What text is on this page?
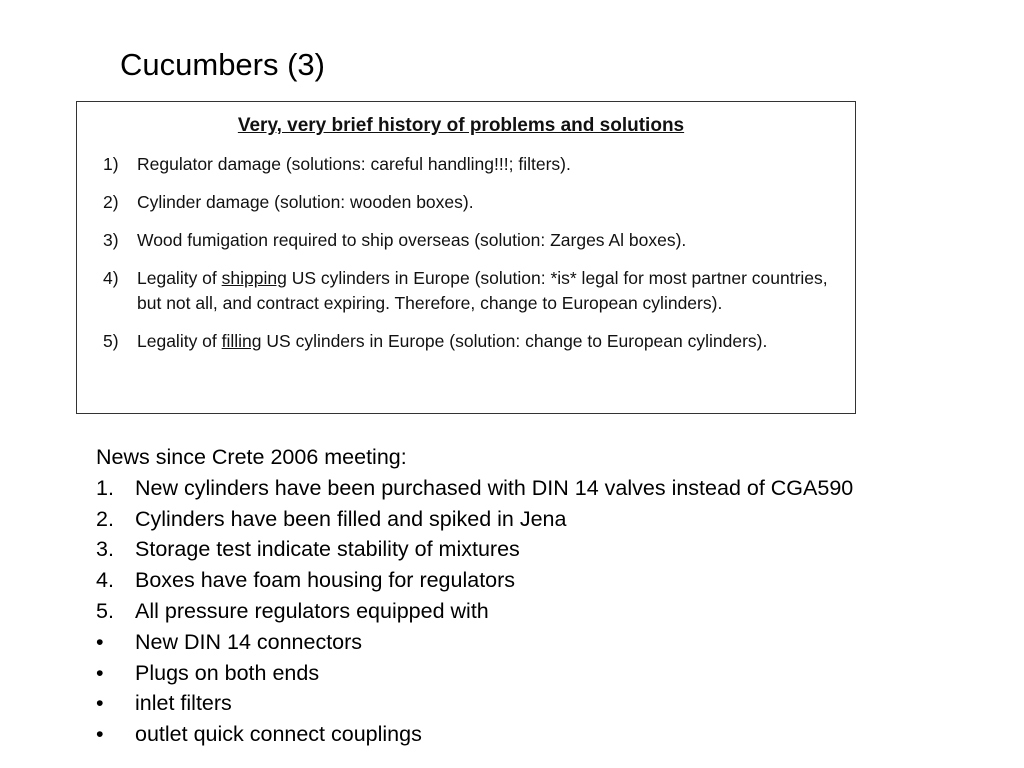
Cucumbers (3)
Very, very brief history of problems and solutions
1)	Regulator damage (solutions: careful handling!!!; filters).
2)	Cylinder damage (solution: wooden boxes).
3)	Wood fumigation required to ship overseas (solution: Zarges Al boxes).
4)	Legality of shipping US cylinders in Europe (solution: *is* legal for most partner countries, but not all, and contract expiring. Therefore, change to European cylinders).
5)	Legality of filling US cylinders in Europe (solution: change to European cylinders).

News since Crete 2006 meeting:

1. New cylinders have been purchased with DIN 14 valves instead of CGA590
2. Cylinders have been filled and spiked in Jena
3. Storage test indicate stability of mixtures
4. Boxes have foam housing for regulators
5. All pressure regulators equipped with
•	New DIN 14 connectors
•	Plugs on both ends
•	inlet filters
•	outlet quick connect couplings
